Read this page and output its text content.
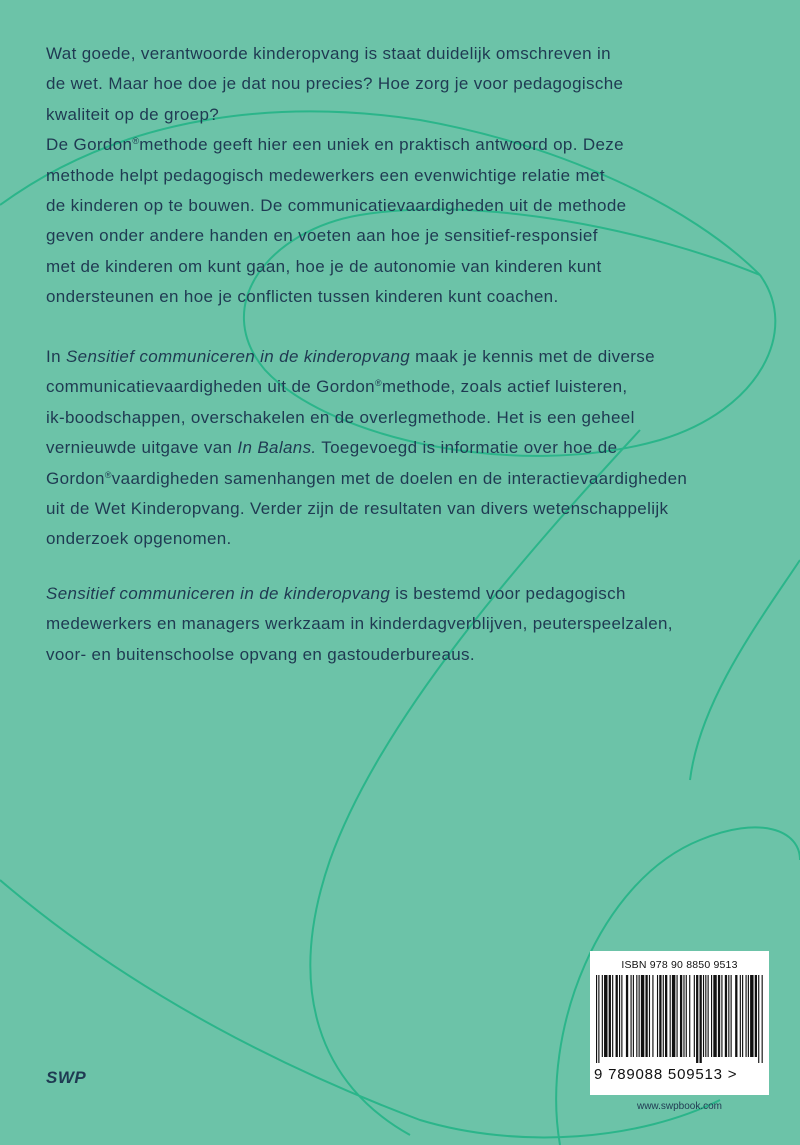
Wat goede, verantwoorde kinderopvang is staat duidelijk omschreven in

de wet. Maar hoe doe je dat nou precies? Hoe zorg je voor pedagogische

kwaliteit op de groep?

De Gordon®methode geeft hier een uniek en praktisch antwoord op. Deze

methode helpt pedagogisch medewerkers een evenwichtige relatie met

de kinderen op te bouwen. De communicatievaardigheden uit de methode

geven onder andere handen en voeten aan hoe je sensitief-responsief

met de kinderen om kunt gaan, hoe je de autonomie van kinderen kunt

ondersteunen en hoe je conflicten tussen kinderen kunt coachen.

In Sensitief communiceren in de kinderopvang maak je kennis met de diverse

communicatievaardigheden uit de Gordon®methode, zoals actief luisteren,

ik-boodschappen, overschakelen en de overlegmethode. Het is een geheel

vernieuwde uitgave van In Balans. Toegevoegd is informatie over hoe de

Gordon®vaardigheden samenhangen met de doelen en de interactievaardigheden

uit de Wet Kinderopvang. Verder zijn de resultaten van divers wetenschappelijk

onderzoek opgenomen.

Sensitief communiceren in de kinderopvang is bestemd voor pedagogisch

medewerkers en managers werkzaam in kinderdagverblijven, peuterspeelzalen,

voor- en buitenschoolse opvang en gastouderbureaus.

SWP
ISBN 978 90 8850 9513
9 789088 509513 >
www.swpbook.com
